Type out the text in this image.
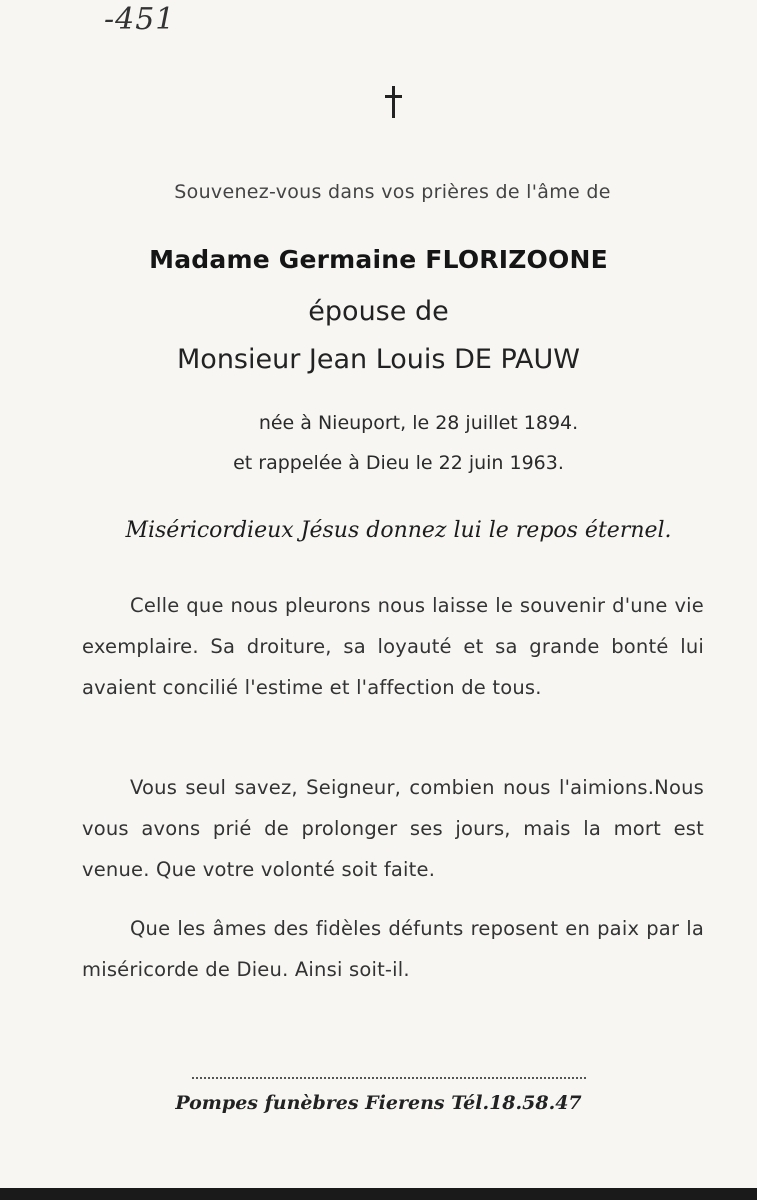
-451
Souvenez-vous dans vos prières de l'âme de
Madame Germaine FLORIZOONE
épouse de
Monsieur Jean Louis DE PAUW
née à Nieuport, le 28 juillet 1894.
et rappelée à Dieu le 22 juin 1963.
Miséricordieux Jésus donnez lui le repos éternel.
Celle que nous pleurons nous laisse le souvenir d'une vie exemplaire. Sa droiture, sa loyauté et sa grande bonté lui avaient concilié l'estime et l'affection de tous.
Vous seul savez, Seigneur, combien nous l'aimions.Nous vous avons prié de prolonger ses jours, mais la mort est venue. Que votre volonté soit faite.
Que les âmes des fidèles défunts reposent en paix par la miséricorde de Dieu. Ainsi soit-il.
Pompes funèbres Fierens Tél.18.58.47
